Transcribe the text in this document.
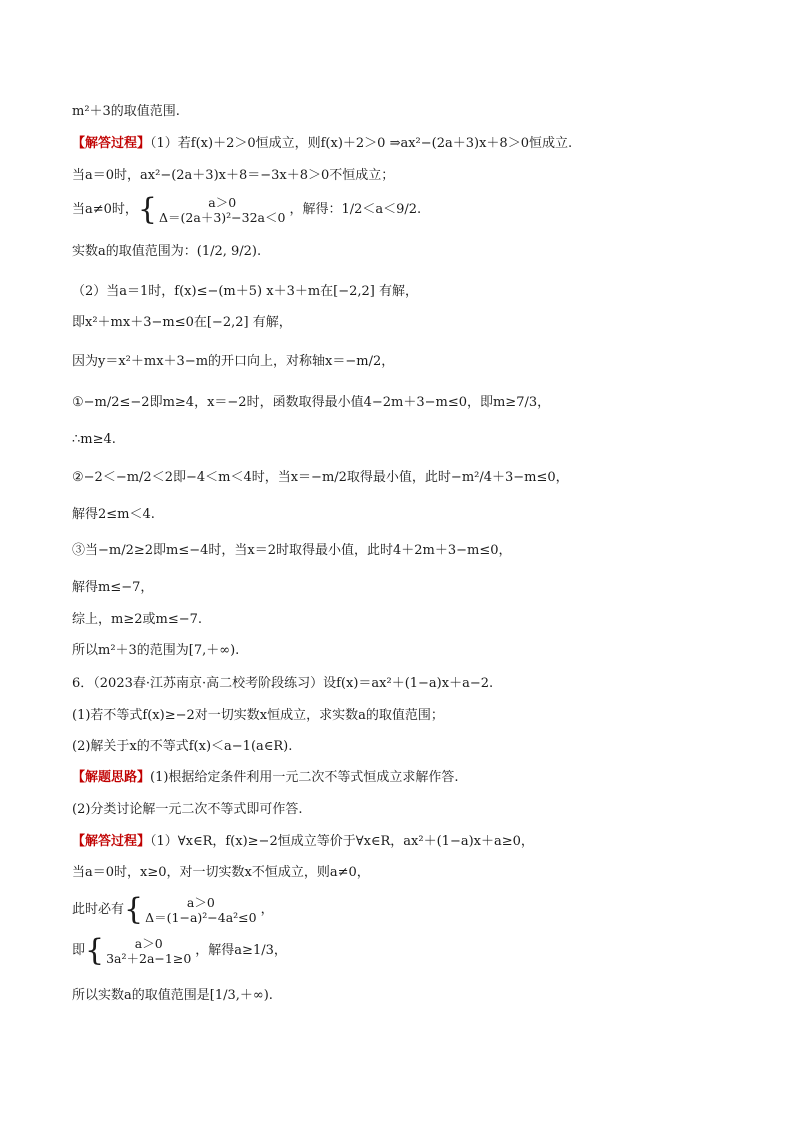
m²＋3的取值范围.
【解答过程】（1）若f(x)＋2＞0恒成立，则f(x)＋2＞0 ⇒ax²−(2a＋3)x＋8＞0恒成立.
当a＝0时，ax²−(2a＋3)x＋8＝−3x＋8＞0不恒成立；
当a≠0时，{	a＞0
Δ＝(2a＋3)²−32a＜0 ，解得：1/2＜a＜9/2.
实数a的取值范围为：(1/2, 9/2).
（2）当a＝1时，f(x)≤−(m＋5) x＋3＋m在[−2,2] 有解，
即x²＋mx＋3−m≤0在[−2,2] 有解，
因为y＝x²＋mx＋3−m的开口向上，对称轴x＝−m/2，
①−m/2≤−2即m≥4，x＝−2时，函数取得最小值4−2m＋3−m≤0，即m≥7/3，
∴m≥4.
②−2＜−m/2＜2即−4＜m＜4时，当x＝−m/2取得最小值，此时−m²/4＋3−m≤0，
解得2≤m＜4.
③当−m/2≥2即m≤−4时，当x＝2时取得最小值，此时4＋2m＋3−m≤0，
解得m≤−7，
综上，m≥2或m≤−7.
所以m²＋3的范围为[7,＋∞).
6．（2023春·江苏南京·高二校考阶段练习）设f(x)＝ax²＋(1−a)x＋a−2.
(1)若不等式f(x)≥−2对一切实数x恒成立，求实数a的取值范围；
(2)解关于x的不等式f(x)＜a−1(a∈R).
【解题思路】(1)根据给定条件利用一元二次不等式恒成立求解作答.
(2)分类讨论解一元二次不等式即可作答.
【解答过程】（1）∀x∈R，f(x)≥−2恒成立等价于∀x∈R，ax²＋(1−a)x＋a≥0，
当a＝0时，x≥0，对一切实数x不恒成立，则a≠0，
此时必有{	a＞0
Δ＝(1−a)²−4a²≤0 ，
即{	a＞0
3a²＋2a−1≥0 ，解得a≥1/3，
所以实数a的取值范围是[1/3,＋∞).
